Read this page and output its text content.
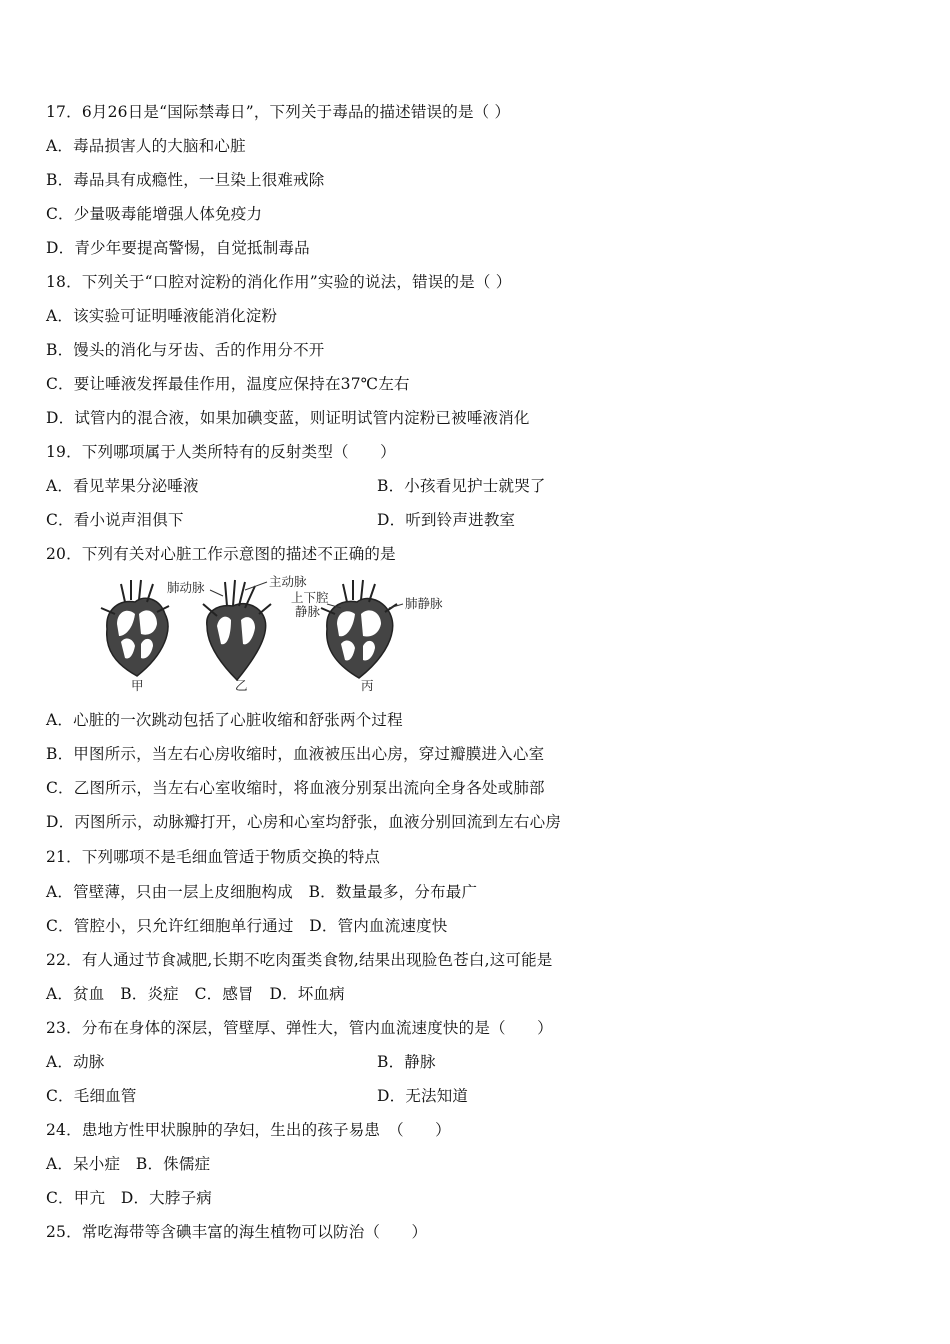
17．6月26日是“国际禁毒日”，下列关于毒品的描述错误的是（ ）
A．毒品损害人的大脑和心脏
B．毒品具有成瘾性，一旦染上很难戒除
C．少量吸毒能增强人体免疫力
D．青少年要提高警惕，自觉抵制毒品
18．下列关于“口腔对淀粉的消化作用”实验的说法，错误的是（ ）
A．该实验可证明唾液能消化淀粉
B．馒头的消化与牙齿、舌的作用分不开
C．要让唾液发挥最佳作用，温度应保持在37℃左右
D．试管内的混合液，如果加碘变蓝，则证明试管内淀粉已被唾液消化
19．下列哪项属于人类所特有的反射类型（　　）
A．看见苹果分泌唾液	B．小孩看见护士就哭了
C．看小说声泪俱下	D．听到铃声进教室
20．下列有关对心脏工作示意图的描述不正确的是
肺动脉	主动脉
上下腔
静脉
肺静脉
甲	乙	丙
A．心脏的一次跳动包括了心脏收缩和舒张两个过程
B．甲图所示，当左右心房收缩时，血液被压出心房，穿过瓣膜进入心室
C．乙图所示，当左右心室收缩时，将血液分别泵出流向全身各处或肺部
D．丙图所示，动脉瓣打开，心房和心室均舒张，血液分别回流到左右心房
21．下列哪项不是毛细血管适于物质交换的特点
A．管壁薄，只由一层上皮细胞构成　B．数量最多，分布最广
C．管腔小，只允许红细胞单行通过　D．管内血流速度快
22．有人通过节食减肥,长期不吃肉蛋类食物,结果出现脸色苍白,这可能是
A．贫血　B．炎症　C．感冒　D．坏血病
23．分布在身体的深层，管壁厚、弹性大，管内血流速度快的是（　　）
A．动脉	B．静脉
C．毛细血管	D．无法知道
24．患地方性甲状腺肿的孕妇，生出的孩子易患　（　　）
A．呆小症　B．侏儒症
C．甲亢　D．大脖子病
25．常吃海带等含碘丰富的海生植物可以防治（　　）
